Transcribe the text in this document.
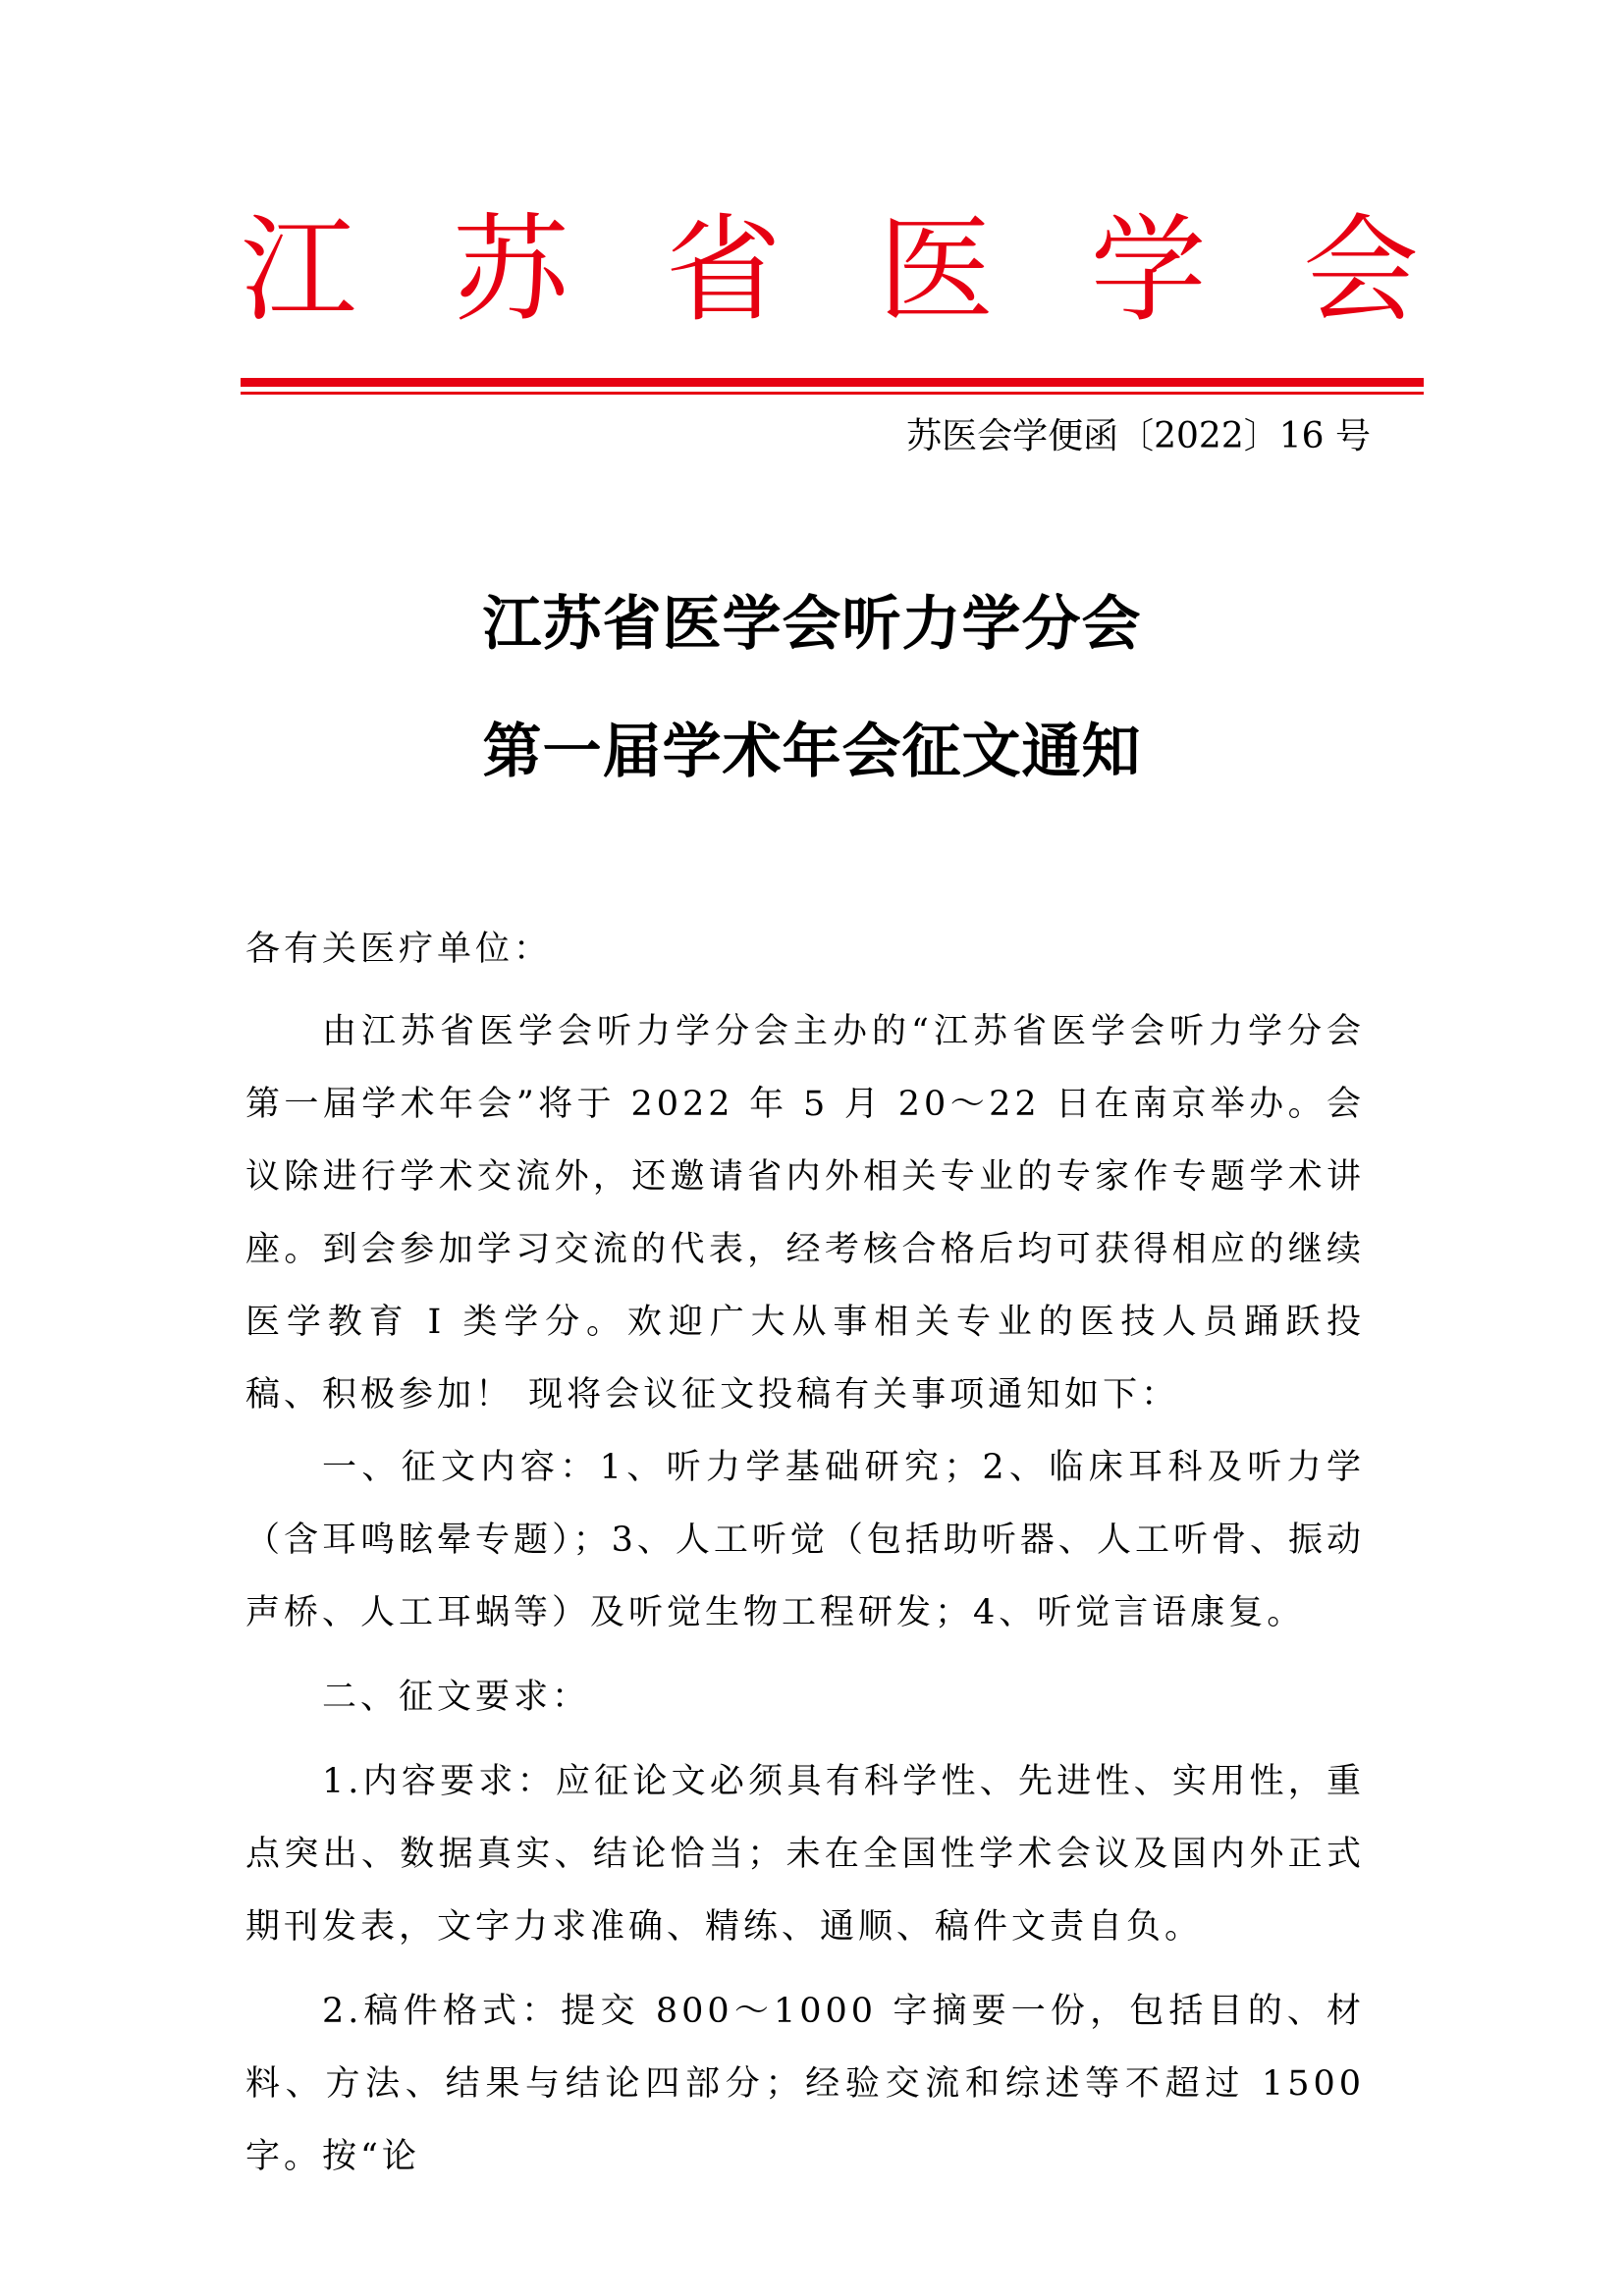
江 苏 省 医 学 会
苏医会学便函〔2022〕16 号
江苏省医学会听力学分会
第一届学术年会征文通知

各有关医疗单位：

由江苏省医学会听力学分会主办的“江苏省医学会听力学分会第一届学术年会”将于 2022 年 5 月 20～22 日在南京举办。会议除进行学术交流外，还邀请省内外相关专业的专家作专题学术讲座。到会参加学习交流的代表，经考核合格后均可获得相应的继续医学教育 I 类学分。欢迎广大从事相关专业的医技人员踊跃投稿、积极参加！ 现将会议征文投稿有关事项通知如下：

一、征文内容：1、听力学基础研究；2、临床耳科及听力学（含耳鸣眩晕专题）；3、人工听觉（包括助听器、人工听骨、振动声桥、人工耳蜗等）及听觉生物工程研发；4、听觉言语康复。

二、征文要求：

1.内容要求：应征论文必须具有科学性、先进性、实用性，重点突出、数据真实、结论恰当；未在全国性学术会议及国内外正式期刊发表，文字力求准确、精练、通顺、稿件文责自负。

2.稿件格式：提交 800～1000 字摘要一份，包括目的、材料、方法、结果与结论四部分；经验交流和综述等不超过 1500 字。按“论
